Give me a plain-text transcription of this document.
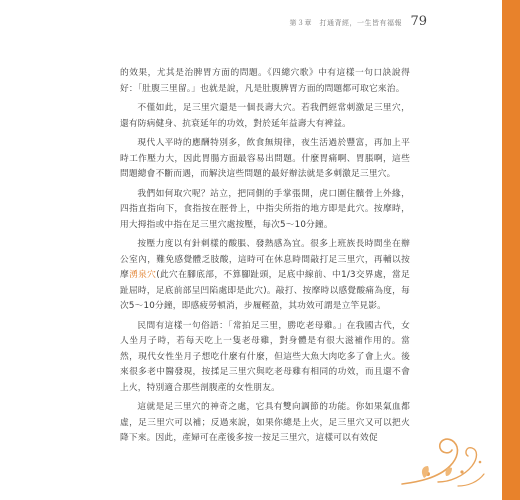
第３章　打通背經，一生皆有福報 79

的效果，尤其是治脾胃方面的問題。《四總穴歌》中有這樣一句口訣說得好：「肚腹三里留。」也就是說，凡是肚腹脾胃方面的問題都可取它來治。

不僅如此，足三里穴還是一個長壽大穴。若我們經常刺激足三里穴，還有防病健身、抗衰延年的功效，對於延年益壽大有裨益。

現代人平時的應酬特別多，飲食無規律，夜生活過於豐富，再加上平時工作壓力大，因此胃腸方面最容易出問題。什麼胃痛啊、胃脹啊，這些問題總會不斷而遇，而解決這些問題的最好辦法就是多刺激足三里穴。

我們如何取穴呢？站立，把同側的手掌張開，虎口圍住髕骨上外緣，四指直指向下，食指按在脛骨上，中指尖所指的地方即是此穴。按摩時，用大拇指或中指在足三里穴處按壓，每次5～10分鐘。

按壓力度以有針刺樣的酸脹、發熱感為宜。很多上班族長時間坐在辦公室內，難免感覺體乏肢酸，這時可在休息時間敲打足三里穴，再輔以按摩湧泉穴(此穴在腳底部，不算腳趾頭，足底中線前、中1/3交界處，當足趾屈時，足底前部呈凹陷處即是此穴)。敲打、按摩時以感覺酸痛為度，每次5～10分鐘，即感疲勞頓消，步履輕盈，其功效可謂是立竿見影。

民間有這樣一句俗語：「常拍足三里，勝吃老母雞。」在我國古代，女人坐月子時，若每天吃上一隻老母雞，對身體是有很大滋補作用的。當然，現代女性坐月子想吃什麼有什麼，但這些大魚大肉吃多了會上火。後來很多老中醫發現，按揉足三里穴與吃老母雞有相同的功效，而且還不會上火，特別適合那些剖腹產的女性朋友。

這就是足三里穴的神奇之處，它具有雙向調節的功能。你如果氣血都虛，足三里穴可以補；反過來說，如果你總是上火，足三里穴又可以把火降下來。因此，產婦可在產後多按一按足三里穴，這樣可以有效促
